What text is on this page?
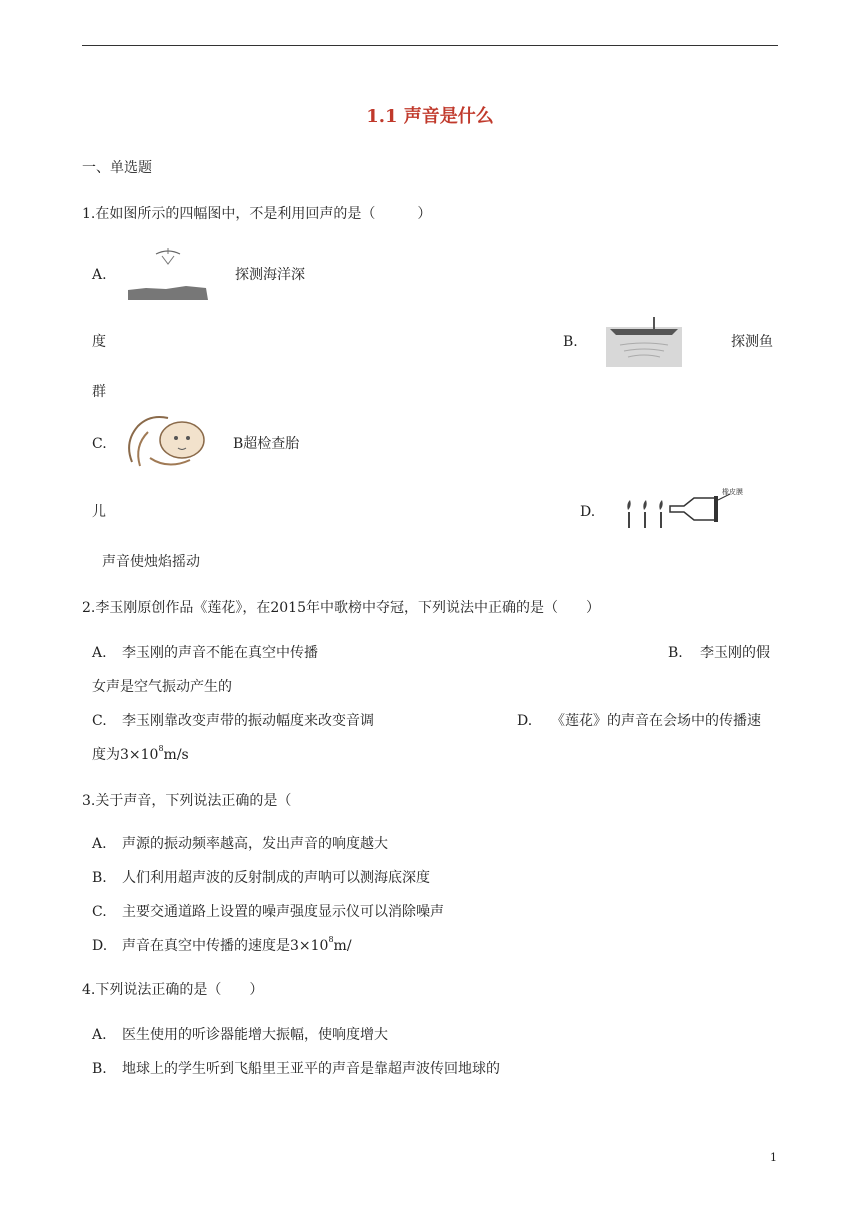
1.1 声音是什么
一、单选题
1.在如图所示的四幅图中，不是利用回声的是（　　　）
A.	探测海洋深
度	B.	探测鱼
群
C.	B超检查胎
儿	D.
橡皮膜
声音使烛焰摇动
2.李玉刚原创作品《莲花》，在2015年中歌榜中夺冠，下列说法中正确的是（　　）
A. 李玉刚的声音不能在真空中传播	B. 李玉刚的假
女声是空气振动产生的
C. 李玉刚靠改变声带的振动幅度来改变音调	D. 《莲花》的声音在会场中的传播速
度为$3\times 10^8m/s$
3.关于声音，下列说法正确的是（
A. 声源的振动频率越高，发出声音的响度越大
B. 人们利用超声波的反射制成的声呐可以测海底深度
C. 主要交通道路上设置的噪声强度显示仪可以消除噪声
D. 声音在真空中传播的速度是$3\times 10^8m/$
4.下列说法正确的是（　　）
A. 医生使用的听诊器能增大振幅，使响度增大
B. 地球上的学生听到飞船里王亚平的声音是靠超声波传回地球的
1
